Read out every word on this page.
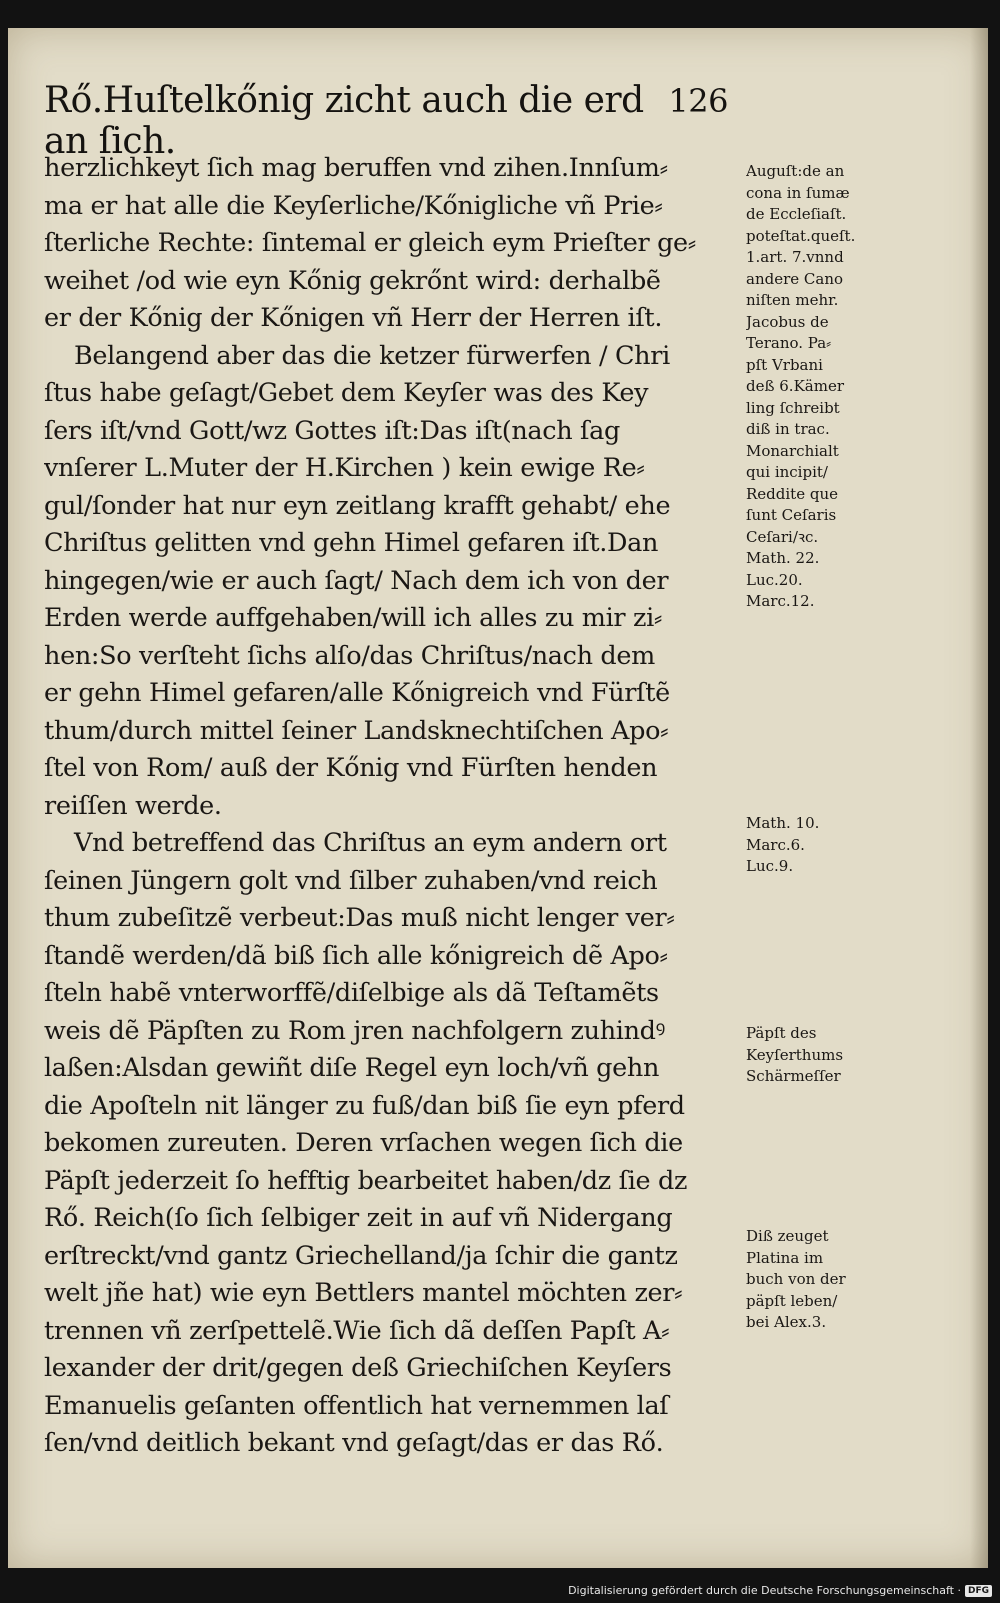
Rő.Huſtelkőnig zicht auch die erd an ſich.
126
herzlichkeyt ſich mag beruffen vnd zihen.Innſum⸗
ma er hat alle die Keyſerliche/Kőnigliche vñ Prie⸗
ſterliche Rechte: ſintemal er gleich eym Prieſter ge⸗
weihet /od wie eyn Kőnig gekrőnt wird: derhalbẽ
er der Kőnig der Kőnigen vñ Herr der Herren iſt.
Belangend aber das die ketzer fürwerfen / Chri
ſtus habe geſagt/Gebet dem Keyſer was des Key
ſers iſt/vnd Gott/wz Gottes iſt:Das iſt(nach ſag
vnſerer L.Muter der H.Kirchen ) kein ewige Re⸗
gul/ſonder hat nur eyn zeitlang krafft gehabt/ ehe
Chriſtus gelitten vnd gehn Himel gefaren iſt.Dan
hingegen/wie er auch ſagt/ Nach dem ich von der
Erden werde auffgehaben/will ich alles zu mir zi⸗
hen:So verſteht ſichs alſo/das Chriſtus/nach dem
er gehn Himel gefaren/alle Kőnigreich vnd Fürſtẽ
thum/durch mittel ſeiner Landsknechtiſchen Apo⸗
ſtel von Rom/ auß der Kőnig vnd Fürſten henden
reiſſen werde.
Vnd betreffend das Chriſtus an eym andern ort
ſeinen Jüngern golt vnd ſilber zuhaben/vnd reich
thum zubeſitzẽ verbeut:Das muß nicht lenger ver⸗
ſtandẽ werden/dã biß ſich alle kőnigreich dẽ Apo⸗
ſteln habẽ vnterworffẽ/diſelbige als dã Teſtamẽts
weis dẽ Päpſten zu Rom jren nachfolgern zuhindꝰ
laßen:Alsdan gewiñt diſe Regel eyn loch/vñ gehn
die Apoſteln nit länger zu fuß/dan biß ſie eyn pferd
bekomen zureuten. Deren vrſachen wegen ſich die
Päpſt jederzeit ſo hefftig bearbeitet haben/dz ſie dz
Rő. Reich(ſo ſich ſelbiger zeit in auf vñ Nidergang
erſtreckt/vnd gantz Griechelland/ja ſchir die gantz
welt jñe hat) wie eyn Bettlers mantel möchten zer⸗
trennen vñ zerſpettelẽ.Wie ſich dã deſſen Papſt A⸗
lexander der drit/gegen deß Griechiſchen Keyſers
Emanuelis geſanten offentlich hat vernemmen laſ
ſen/vnd deitlich bekant vnd geſagt/das er das Rő.
Auguſt:de an
cona in ſumæ
de Eccleſiaſt.
poteſtat.queſt.
1.art. 7.vnnd
andere Cano
niſten mehr.
Jacobus de
Terano. Pa⸗
pſt Vrbani
deß 6.Kämer
ling ſchreibt
diß in trac.
Monarchialt
qui incipit/
Reddite que
ſunt Ceſaris
Ceſari/ꝛc.
Math. 22.
Luc.20.
Marc.12.
Math. 10.
Marc.6.
Luc.9.
Päpſt des
Keyſerthums
Schärmeſſer
Diß zeuget
Platina im
buch von der
päpſt leben/
bei Alex.3.
Digitalisierung gefördert durch die Deutsche Forschungsgemeinschaft · DFG
